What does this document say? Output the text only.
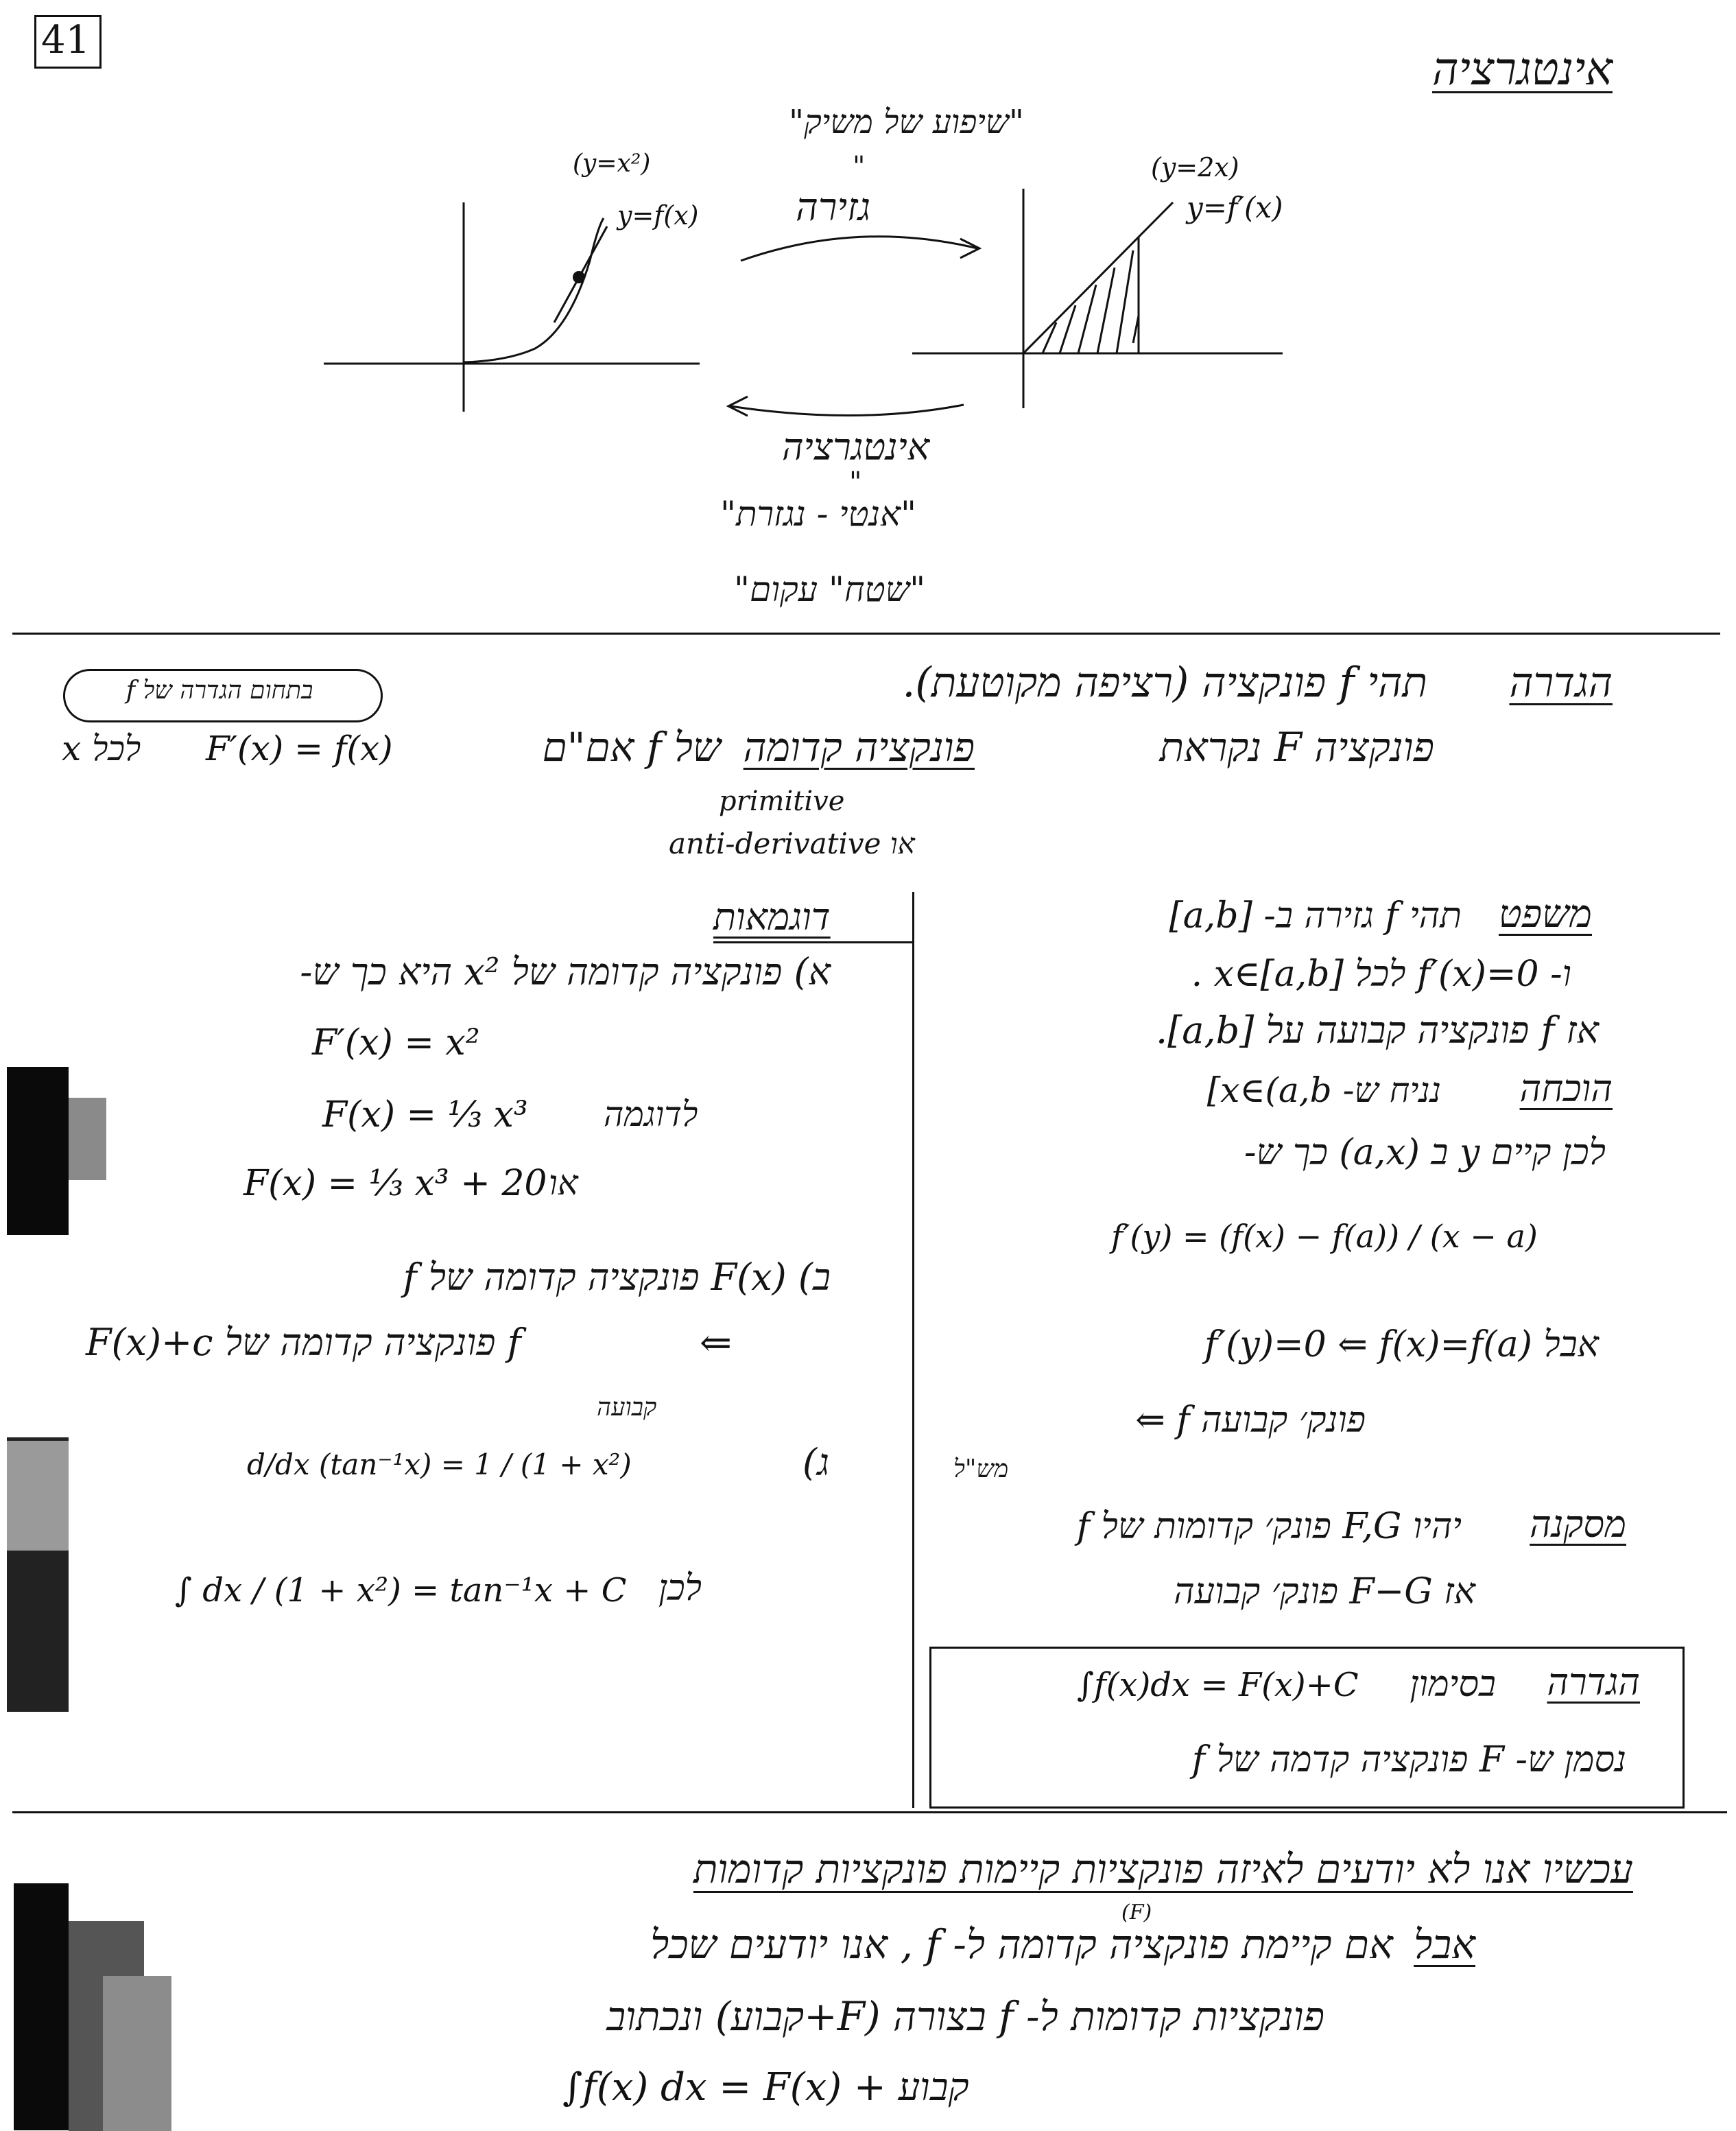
41
אינטגרציה
(y=x²)
y=f(x)
(y=2x)
y=f′(x)
"שיפוע של משיק"
"
גזירה
אינטגרציה
"
"אנטי - נגזרת"
"שטח" עקום"
בתחום הגדרה של f	הגדרה
תהי f פונקציה (רציפה מקוטעת).
פונקציה F נקראת
פונקציה קדומה
של f אם"ם
F′(x) = f(x)
לכל x
primitive
anti-derivative או
דוגמאות
א) פונקציה קדומה של x² היא כך ש-
F′(x) = x²
F(x) = ⅓ x³ לדוגמה
F(x) = ⅓ x³ + 20 או
ב) F(x) פונקציה קדומה של f
⇐
F(x)+c פונקציה קדומה של f
קבועה
ג)
d/dx (tan⁻¹x) = 1 / (1 + x²)
∫ dx / (1 + x²) = tan⁻¹x + C לכן
משפט
תהי f גזירה ב- [a,b]
ו- f′(x)=0 לכל x∈[a,b] .
אז f פונקציה קבועה על [a,b].
הוכחה
נניח ש- x∈(a,b]
לכן קיים y ב (a,x) כך ש-
f′(y) = (f(x) − f(a)) / (x − a)
אבל f′(y)=0 ⇐ f(x)=f(a)
⇐ f פונק׳ קבועה
מש"ל
מסקנה
יהיו F,G פונק׳ קדומות של f
אז F−G פונק׳ קבועה
הגדרה
בסימון
∫f(x)dx = F(x)+C
נסמן ש- F פונקציה קדמה של f
עכשיו אנו לא יודעים לאיזה פונקציות קיימות פונקציות קדומות
אבל
אם קיימת פונקציה קדומה ל- f , אנו יודעים שכל
(F)
פונקציות קדומות ל- f בצורה (F+קבוע) ונכתוב
∫f(x) dx = F(x) + קבוע
